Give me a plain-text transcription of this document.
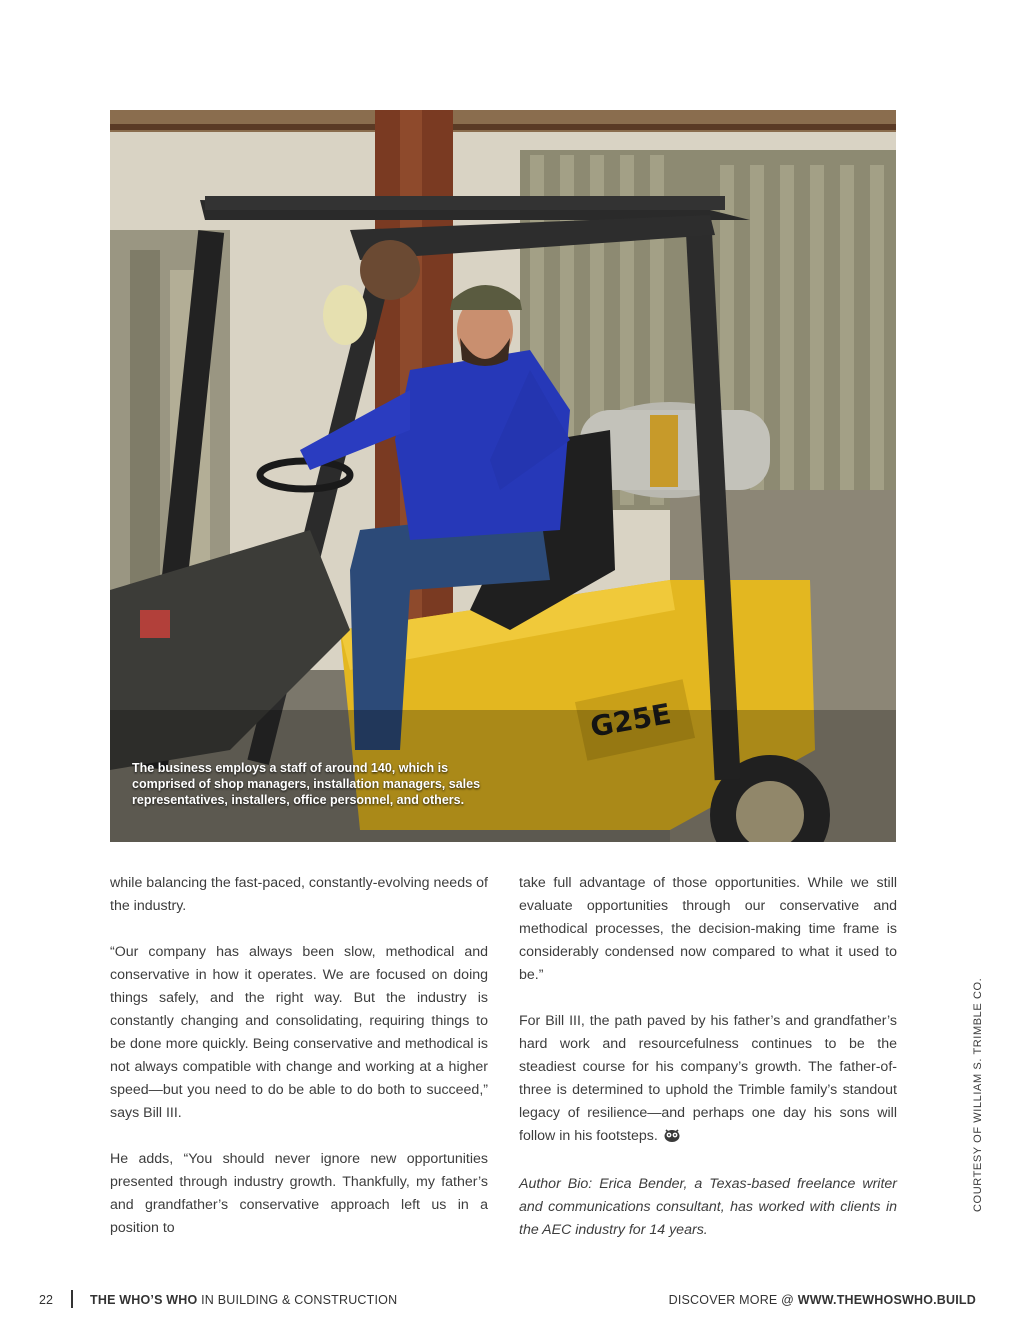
The business employs a staff of around 140, which is comprised of shop managers, installation managers, sales representatives, installers, office personnel, and others.

while balancing the fast-paced, constantly-evolving needs of the industry.

“Our company has always been slow, methodical and conservative in how it operates. We are focused on doing things safely, and the right way. But the industry is constantly changing and consolidating, requiring things to be done more quickly. Being conservative and methodical is not always compatible with change and working at a higher speed—but you need to do be able to do both to succeed,” says Bill III.

He adds, “You should never ignore new opportunities presented through industry growth. Thankfully, my father’s and grandfather’s conservative approach left us in a position to

take full advantage of those opportunities. While we still evaluate opportunities through our conservative and methodical processes, the decision-making time frame is considerably condensed now compared to what it used to be.”

For Bill III, the path paved by his father’s and grandfather’s hard work and resourcefulness continues to be the steadiest course for his company’s growth. The father-of-three is determined to uphold the Trimble family’s standout legacy of resilience—and perhaps one day his sons will follow in his footsteps.

Author Bio: Erica Bender, a Texas-based freelance writer and communications consultant, has worked with clients in the AEC industry for 14 years.

COURTESY OF WILLIAM S. TRIMBLE CO.
22	THE WHO’S WHO IN BUILDING & CONSTRUCTION	DISCOVER MORE @ WWW.THEWHOSWHO.BUILD
